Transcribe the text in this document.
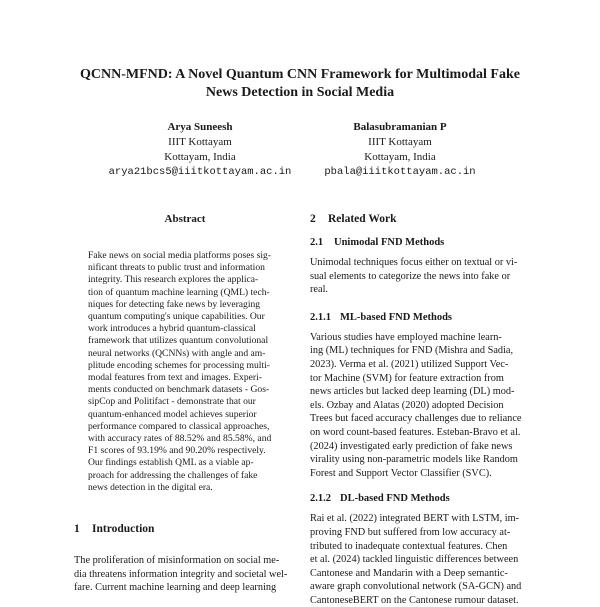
QCNN-MFND: A Novel Quantum CNN Framework for Multimodal Fake
News Detection in Social Media
Arya Suneesh
IIIT Kottayam
Kottayam, India
arya21bcs5@iiitkottayam.ac.in
Balasubramanian P
IIIT Kottayam
Kottayam, India
pbala@iiitkottayam.ac.in
Abstract
Fake news on social media platforms poses sig-
nificant threats to public trust and information
integrity. This research explores the applica-
tion of quantum machine learning (QML) tech-
niques for detecting fake news by leveraging
quantum computing's unique capabilities. Our
work introduces a hybrid quantum-classical
framework that utilizes quantum convolutional
neural networks (QCNNs) with angle and am-
plitude encoding schemes for processing multi-
modal features from text and images. Experi-
ments conducted on benchmark datasets - Gos-
sipCop and Politifact - demonstrate that our
quantum-enhanced model achieves superior
performance compared to classical approaches,
with accuracy rates of 88.52% and 85.58%, and
F1 scores of 93.19% and 90.20% respectively.
Our findings establish QML as a viable ap-
proach for addressing the challenges of fake
news detection in the digital era.
1 Introduction
The proliferation of misinformation on social me-
dia threatens information integrity and societal wel-
fare. Current machine learning and deep learning
2 Related Work
2.1 Unimodal FND Methods
Unimodal techniques focus either on textual or vi-
sual elements to categorize the news into fake or
real.
2.1.1 ML-based FND Methods
Various studies have employed machine learn-
ing (ML) techniques for FND (Mishra and Sadia,
2023). Verma et al. (2021) utilized Support Vec-
tor Machine (SVM) for feature extraction from
news articles but lacked deep learning (DL) mod-
els. Ozbay and Alatas (2020) adopted Decision
Trees but faced accuracy challenges due to reliance
on word count-based features. Esteban-Bravo et al.
(2024) investigated early prediction of fake news
virality using non-parametric models like Random
Forest and Support Vector Classifier (SVC).
2.1.2 DL-based FND Methods
Rai et al. (2022) integrated BERT with LSTM, im-
proving FND but suffered from low accuracy at-
tributed to inadequate contextual features. Chen
et al. (2024) tackled linguistic differences between
Cantonese and Mandarin with a Deep semantic-
aware graph convolutional network (SA-GCN) and
CantoneseBERT on the Cantonese rumour dataset.
